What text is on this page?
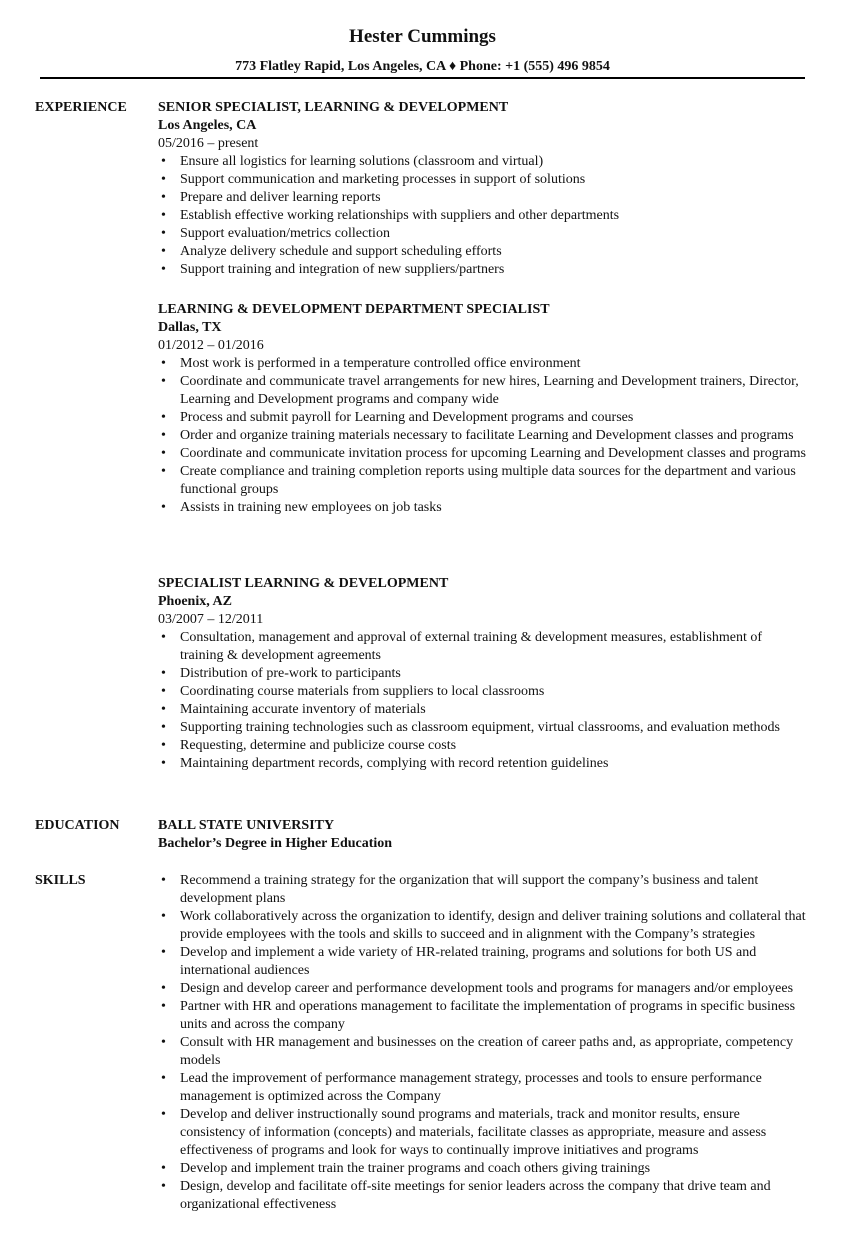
Hester Cummings
773 Flatley Rapid, Los Angeles, CA ♦ Phone: +1 (555) 496 9854
EXPERIENCE SENIOR SPECIALIST, LEARNING & DEVELOPMENT
Los Angeles, CA
05/2016 – present
• Ensure all logistics for learning solutions (classroom and virtual)
• Support communication and marketing processes in support of solutions
• Prepare and deliver learning reports
• Establish effective working relationships with suppliers and other departments
• Support evaluation/metrics collection
• Analyze delivery schedule and support scheduling efforts
• Support training and integration of new suppliers/partners
LEARNING & DEVELOPMENT DEPARTMENT SPECIALIST
Dallas, TX
01/2012 – 01/2016
• Most work is performed in a temperature controlled office environment
• Coordinate and communicate travel arrangements for new hires, Learning and Development trainers, Director, Learning and Development programs and company wide
• Process and submit payroll for Learning and Development programs and courses
• Order and organize training materials necessary to facilitate Learning and Development classes and programs
• Coordinate and communicate invitation process for upcoming Learning and Development classes and programs
• Create compliance and training completion reports using multiple data sources for the department and various functional groups
• Assists in training new employees on job tasks
SPECIALIST LEARNING & DEVELOPMENT
Phoenix, AZ
03/2007 – 12/2011
• Consultation, management and approval of external training & development measures, establishment of training & development agreements
• Distribution of pre-work to participants
• Coordinating course materials from suppliers to local classrooms
• Maintaining accurate inventory of materials
• Supporting training technologies such as classroom equipment, virtual classrooms, and evaluation methods
• Requesting, determine and publicize course costs
• Maintaining department records, complying with record retention guidelines
EDUCATION	BALL STATE UNIVERSITY
Bachelor’s Degree in Higher Education
SKILLS	• Recommend a training strategy for the organization that will support the company’s business and talent development plans
• Work collaboratively across the organization to identify, design and deliver training solutions and collateral that provide employees with the tools and skills to succeed and in alignment with the Company’s strategies
• Develop and implement a wide variety of HR-related training, programs and solutions for both US and international audiences
• Design and develop career and performance development tools and programs for managers and/or employees
• Partner with HR and operations management to facilitate the implementation of programs in specific business units and across the company
• Consult with HR management and businesses on the creation of career paths and, as appropriate, competency models
• Lead the improvement of performance management strategy, processes and tools to ensure performance management is optimized across the Company
• Develop and deliver instructionally sound programs and materials, track and monitor results, ensure consistency of information (concepts) and materials, facilitate classes as appropriate, measure and assess effectiveness of programs and look for ways to continually improve initiatives and programs
• Develop and implement train the trainer programs and coach others giving trainings
• Design, develop and facilitate off-site meetings for senior leaders across the company that drive team and organizational effectiveness
